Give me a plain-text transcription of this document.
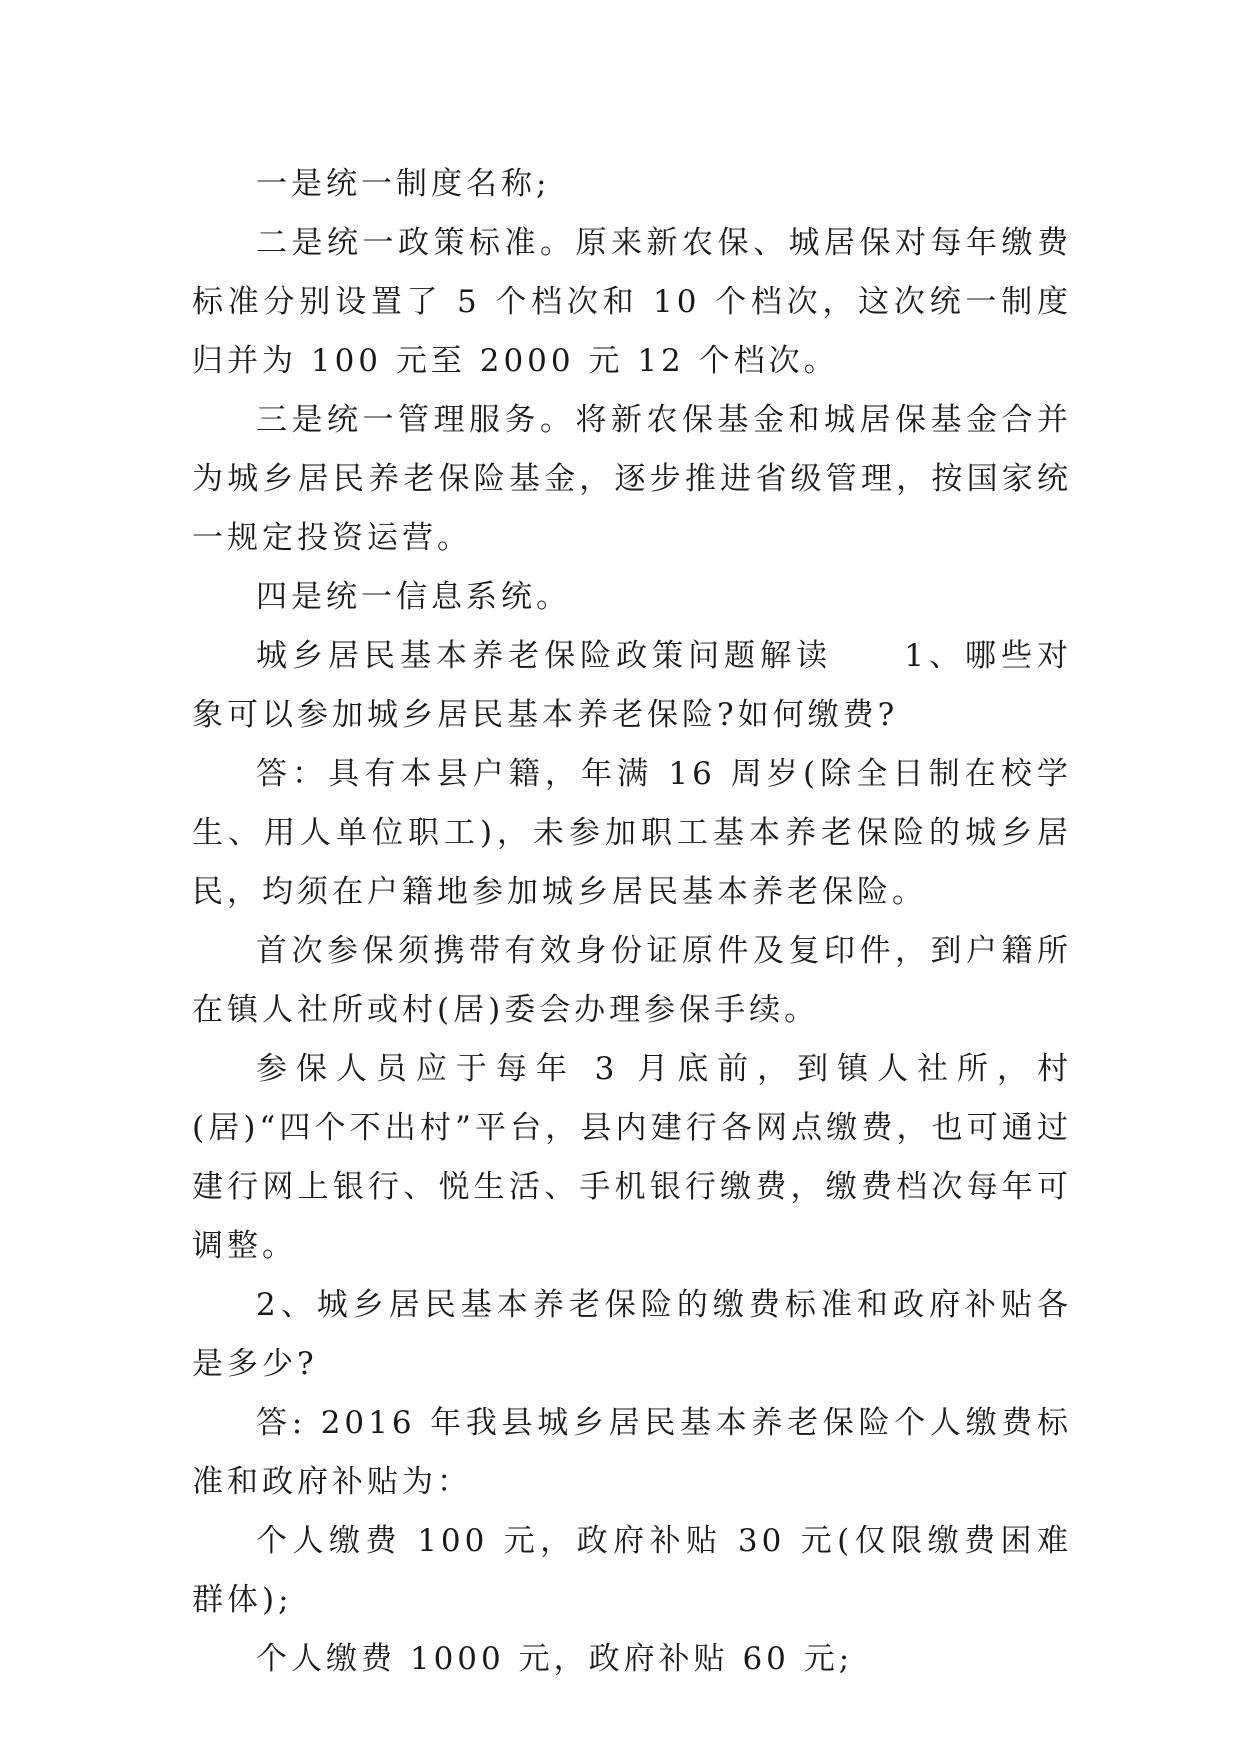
一是统一制度名称;

二是统一政策标准。原来新农保、城居保对每年缴费标准分别设置了 5 个档次和 10 个档次，这次统一制度归并为 100 元至 2000 元 12 个档次。

三是统一管理服务。将新农保基金和城居保基金合并为城乡居民养老保险基金，逐步推进省级管理，按国家统一规定投资运营。

四是统一信息系统。

城乡居民基本养老保险政策问题解读　　1、哪些对象可以参加城乡居民基本养老保险?如何缴费?

答：具有本县户籍，年满 16 周岁(除全日制在校学生、用人单位职工)，未参加职工基本养老保险的城乡居民，均须在户籍地参加城乡居民基本养老保险。

首次参保须携带有效身份证原件及复印件，到户籍所在镇人社所或村(居)委会办理参保手续。

参保人员应于每年 3 月底前，到镇人社所，村(居)“四个不出村”平台，县内建行各网点缴费，也可通过建行网上银行、悦生活、手机银行缴费，缴费档次每年可调整。

2、城乡居民基本养老保险的缴费标准和政府补贴各是多少?

答: 2016 年我县城乡居民基本养老保险个人缴费标准和政府补贴为：

个人缴费 100 元，政府补贴 30 元(仅限缴费困难群体);

个人缴费 1000 元，政府补贴 60 元;
